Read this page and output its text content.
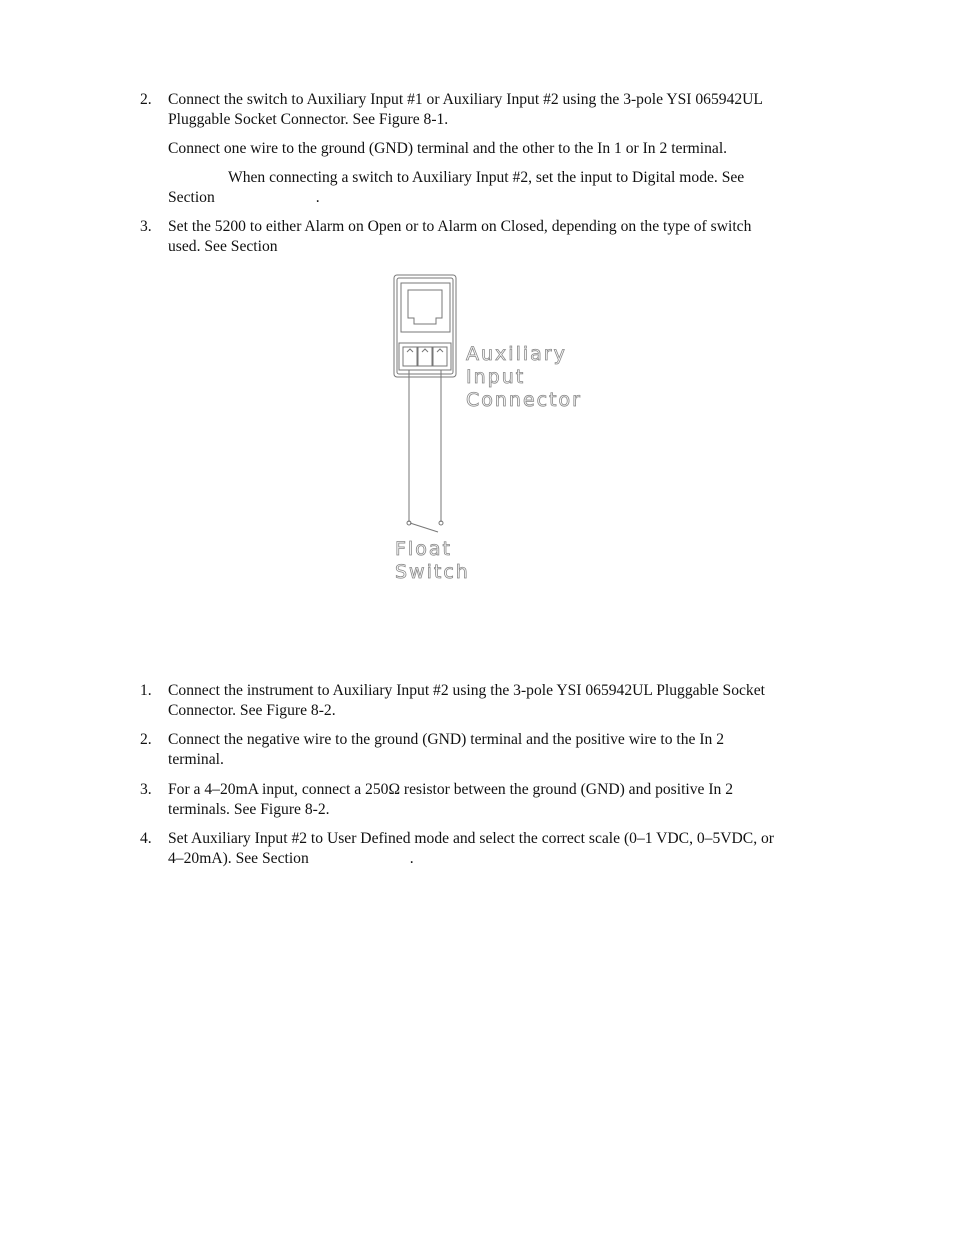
2. Connect the switch to Auxiliary Input #1 or Auxiliary Input #2 using the 3-pole YSI 065942UL
Pluggable Socket Connector. See Figure 8-1.
Connect one wire to the ground (GND) terminal and the other to the In 1 or In 2 terminal.
When connecting a switch to Auxiliary Input #2, set the input to Digital mode. See
Section	.
3. Set the 5200 to either Alarm on Open or to Alarm on Closed, depending on the type of switch
used. See Section
Auxiliary
Input
Connector
Float
Switch
1. Connect the instrument to Auxiliary Input #2 using the 3-pole YSI 065942UL Pluggable Socket
Connector. See Figure 8-2.
2. Connect the negative wire to the ground (GND) terminal and the positive wire to the In 2
terminal.
3. For a 4–20mA input, connect a 250Ω resistor between the ground (GND) and positive In 2
terminals. See Figure 8-2.
4. Set Auxiliary Input #2 to User Defined mode and select the correct scale (0–1 VDC, 0–5VDC, or
4–20mA). See Section	.
